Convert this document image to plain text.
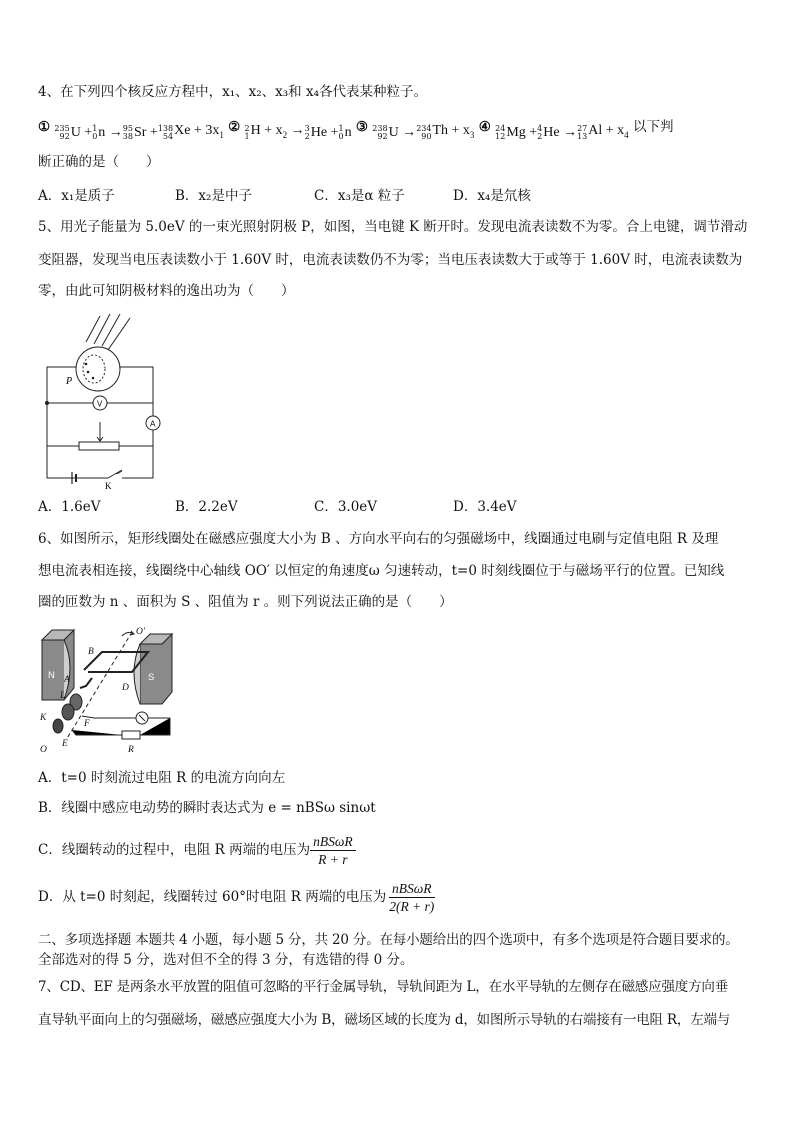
4、在下列四个核反应方程中，x₁、x₂、x₃和 x₄各代表某种粒子。
① 235
92 U + 1
0 n → 95
38 Sr + 138
54 $Xe + 3x_1$ ② 2
1 $H + x_2 \to 3$
2 He + 1
0 n ③ 238
92 U → 234
90 $Th + x_3$ ④ 24
12 Mg + 4
2 He → 27
13 $Al + x_4$ 以下判
断正确的是（　　）
A．x₁是质子	B．x₂是中子	C．x₃是α 粒子	D．x₄是氘核
5、用光子能量为 5.0eV 的一束光照射阴极 P，如图，当电键 K 断开时。发现电流表读数不为零。合上电键，调节滑动
变阻器，发现当电压表读数小于 1.60V 时，电流表读数仍不为零；当电压表读数大于或等于 1.60V 时，电流表读数为
零，由此可知阴极材料的逸出功为（　　）
P
V
A
K
A．1.6eV	B．2.2eV	C．3.0eV	D．3.4eV
6、如图所示，矩形线圈处在磁感应强度大小为 B 、方向水平向右的匀强磁场中，线圈通过电刷与定值电阻 R 及理
想电流表相连接，线圈绕中心轴线 OO′ 以恒定的角速度ω 匀速转动，t=0 时刻线圈位于与磁场平行的位置。已知线
圈的匝数为 n 、面积为 S 、阻值为 r 。则下列说法正确的是（　　）
O′
B
N	S
A
D
L
K
F
O
E
R
A．t=0 时刻流过电阻 R 的电流方向向左
B．线圈中感应电动势的瞬时表达式为 e = nBSω sinωt
C．线圈转动的过程中，电阻 R 两端的电压为 $\frac{\text{nBSωR}}{R + r}$
D．从 t=0 时刻起，线圈转过 60°时电阻 R 两端的电压为 $\frac{\text{nBSωR}}{2(R + r)}$
二、多项选择题 本题共 4 小题，每小题 5 分，共 20 分。在每小题给出的四个选项中，有多个选项是符合题目要求的。
全部选对的得 5 分，选对但不全的得 3 分，有选错的得 0 分。
7、CD、EF 是两条水平放置的阻值可忽略的平行金属导轨，导轨间距为 L，在水平导轨的左侧存在磁感应强度方向垂
直导轨平面向上的匀强磁场，磁感应强度大小为 B，磁场区域的长度为 d，如图所示导轨的右端接有一电阻 R，左端与
